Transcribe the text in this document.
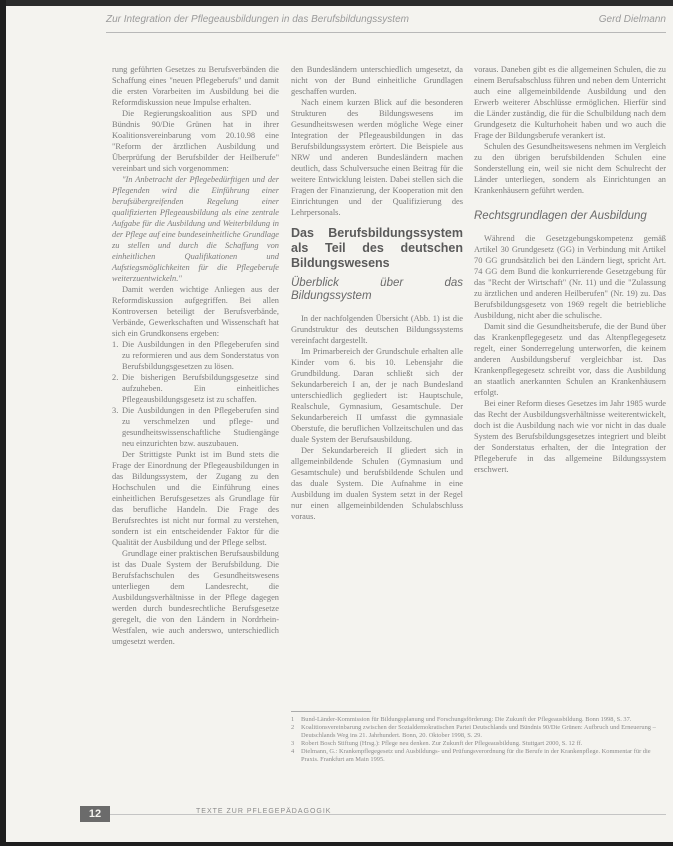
Zur Integration der Pflegeausbildungen in das Berufsbildungssystem	Gerd Dielmann

rung geführten Gesetzes zu Berufsverbänden die Schaffung eines "neuen Pflegeberufs" und damit die ersten Vorarbeiten im Ausbildung bei die Reformdiskussion neue Impulse erhalten.

Die Regierungskoalition aus SPD und Bündnis 90/Die Grünen hat in ihrer Koalitionsvereinbarung vom 20.10.98 eine "Reform der ärztlichen Ausbildung und Überprüfung der Berufsbilder der Heilberufe" vereinbart und sich vorgenommen:

"In Anbetracht der Pflegebedürftigen und der Pflegenden wird die Einführung einer berufsübergreifenden Regelung einer qualifizierten Pflegeausbildung als eine zentrale Aufgabe für die Ausbildung und Weiterbildung in der Pflege auf eine bundeseinheitliche Grundlage zu stellen und durch die Schaffung von einheitlichen Qualifikationen und Aufstiegsmöglichkeiten für die Pflegeberufe weiterzuentwickeln."

Damit werden wichtige Anliegen aus der Reformdiskussion aufgegriffen. Bei allen Kontroversen beteiligt der Berufsverbände, Verbände, Gewerkschaften und Wissenschaft hat sich ein Grundkonsens ergeben:

1. Die Ausbildungen in den Pflegeberufen sind zu reformieren und aus dem Sonderstatus von Berufsbildungsgesetzen zu lösen.
2. Die bisherigen Berufsbildungsgesetze sind aufzuheben. Ein einheitliches Pflegeausbildungsgesetz ist zu schaffen.
3. Die Ausbildungen in den Pflegeberufen sind zu verschmelzen und pflege- und gesundheitswissenschaftliche Studiengänge neu einzurichten bzw. auszubauen.

Der Strittigste Punkt ist im Bund stets die Frage der Einordnung der Pflegeausbildungen in das Bildungssystem, der Zugang zu den Hochschulen und die Einführung eines einheitlichen Berufsgesetzes als Grundlage für das berufliche Handeln. Die Frage des Berufsrechtes ist nicht nur formal zu verstehen, sondern ist ein entscheidender Faktor für die Qualität der Ausbildung und der Pflege selbst.

Grundlage einer praktischen Berufsausbildung ist das Duale System der Berufsbildung. Die Berufsfachschulen des Gesundheitswesens unterliegen dem Landesrecht, die Ausbildungsverhältnisse in der Pflege dagegen werden durch bundesrechtliche Berufsgesetze geregelt, die von den Ländern in Nordrhein-Westfalen, wie auch anderswo, unterschiedlich umgesetzt werden.

den Bundesländern unterschiedlich umgesetzt, da nicht von der Bund einheitliche Grundlagen geschaffen wurden.

Nach einem kurzen Blick auf die besonderen Strukturen des Bildungswesens im Gesundheitswesen werden mögliche Wege einer Integration der Pflegeausbildungen in das Berufsbildungssystem erörtert. Die Beispiele aus NRW und anderen Bundesländern machen deutlich, dass Schulversuche einen Beitrag für die weitere Entwicklung leisten. Dabei stellen sich die Fragen der Finanzierung, der Kooperation mit den Einrichtungen und der Qualifizierung des Lehrpersonals.

Das Berufsbildungssystem als Teil des deutschen Bildungswesens
Überblick über das Bildungssystem

In der nachfolgenden Übersicht (Abb. 1) ist die Grundstruktur des deutschen Bildungssystems vereinfacht dargestellt.

Im Primarbereich der Grundschule erhalten alle Kinder vom 6. bis 10. Lebensjahr die Grundbildung. Daran schließt sich der Sekundarbereich I an, der je nach Bundesland unterschiedlich gegliedert ist: Hauptschule, Realschule, Gymnasium, Gesamtschule. Der Sekundarbereich II umfasst die gymnasiale Oberstufe, die beruflichen Vollzeitschulen und das duale System der Berufsausbildung.

Der Sekundarbereich II gliedert sich in allgemeinbildende Schulen (Gymnasium und Gesamtschule) und berufsbildende Schulen und das duale System. Die Aufnahme in eine Ausbildung im dualen System setzt in der Regel nur einen allgemeinbildenden Schulabschluss voraus.

voraus. Daneben gibt es die allgemeinen Schulen, die zu einem Berufsabschluss führen und neben dem Unterricht auch eine allgemeinbildende Ausbildung und den Erwerb weiterer Abschlüsse ermöglichen. Hierfür sind die Länder zuständig, die für die Schulbildung nach dem Grundgesetz die Kulturhoheit haben und wo auch die Frage der Bildungsberufe verankert ist.

Schulen des Gesundheitswesens nehmen im Vergleich zu den übrigen berufsbildenden Schulen eine Sonderstellung ein, weil sie nicht dem Schulrecht der Länder unterliegen, sondern als Einrichtungen an Krankenhäusern geführt werden.

Rechtsgrundlagen der Ausbildung

Während die Gesetzgebungskompetenz gemäß Artikel 30 Grundgesetz (GG) in Verbindung mit Artikel 70 GG grundsätzlich bei den Ländern liegt, spricht Art. 74 GG dem Bund die konkurrierende Gesetzgebung für das "Recht der Wirtschaft" (Nr. 11) und die "Zulassung zu ärztlichen und anderen Heilberufen" (Nr. 19) zu. Das Berufsbildungsgesetz von 1969 regelt die betriebliche Ausbildung, nicht aber die schulische.

Damit sind die Gesundheitsberufe, die der Bund über das Krankenpflegegesetz und das Altenpflegegesetz regelt, einer Sonderregelung unterworfen, die keinem anderen Ausbildungsberuf vergleichbar ist. Das Krankenpflegegesetz schreibt vor, dass die Ausbildung an staatlich anerkannten Schulen an Krankenhäusern erfolgt.

Bei einer Reform dieses Gesetzes im Jahr 1985 wurde das Recht der Ausbildungsverhältnisse weiterentwickelt, doch ist die Ausbildung nach wie vor nicht in das duale System des Berufsbildungsgesetzes integriert und bleibt der Sonderstatus erhalten, der die Integration der Pflegeberufe in das allgemeine Bildungssystem erschwert.

1	Bund-Länder-Kommission für Bildungsplanung und Forschungsförderung: Die Zukunft der Pflegeausbildung. Bonn 1998, S. 37.
2	Koalitionsvereinbarung zwischen der Sozialdemokratischen Partei Deutschlands und Bündnis 90/Die Grünen: Aufbruch und Erneuerung – Deutschlands Weg ins 21. Jahrhundert. Bonn, 20. Oktober 1998, S. 29.
3	Robert Bosch Stiftung (Hrsg.): Pflege neu denken. Zur Zukunft der Pflegeausbildung. Stuttgart 2000, S. 12 ff.
4	Dielmann, G.: Krankenpflegegesetz und Ausbildungs- und Prüfungsverordnung für die Berufe in der Krankenpflege. Kommentar für die Praxis. Frankfurt am Main 1995.
12	TEXTE ZUR PFLEGEPÄDAGOGIK
